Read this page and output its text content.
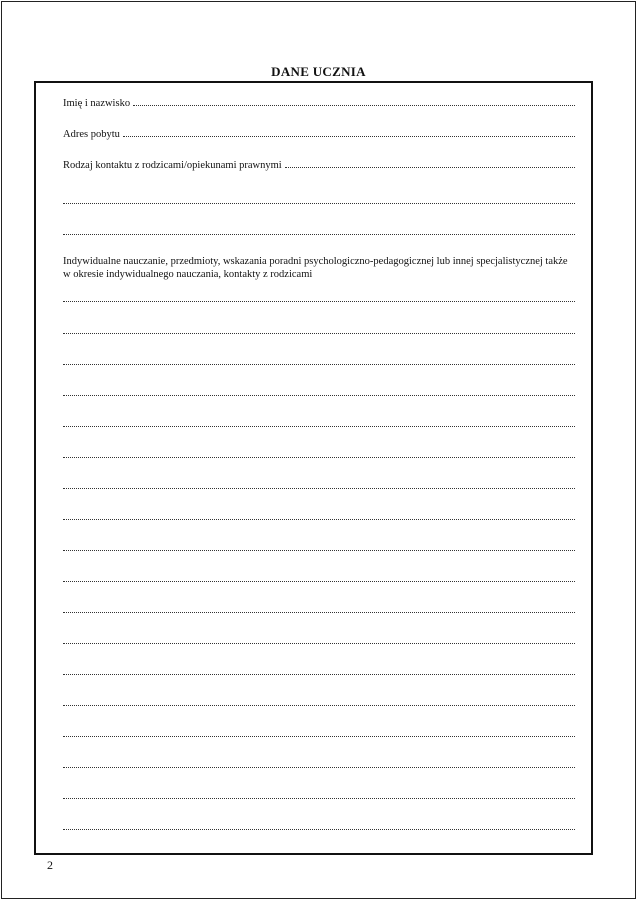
DANE UCZNIA
Imię i nazwisko
Adres pobytu
Rodzaj kontaktu z rodzicami/opiekunami prawnymi
Indywidualne nauczanie, przedmioty, wskazania poradni psychologiczno-pedagogicznej lub innej specjalistycznej także w okresie indywidualnego nauczania, kontakty z rodzicami
2
